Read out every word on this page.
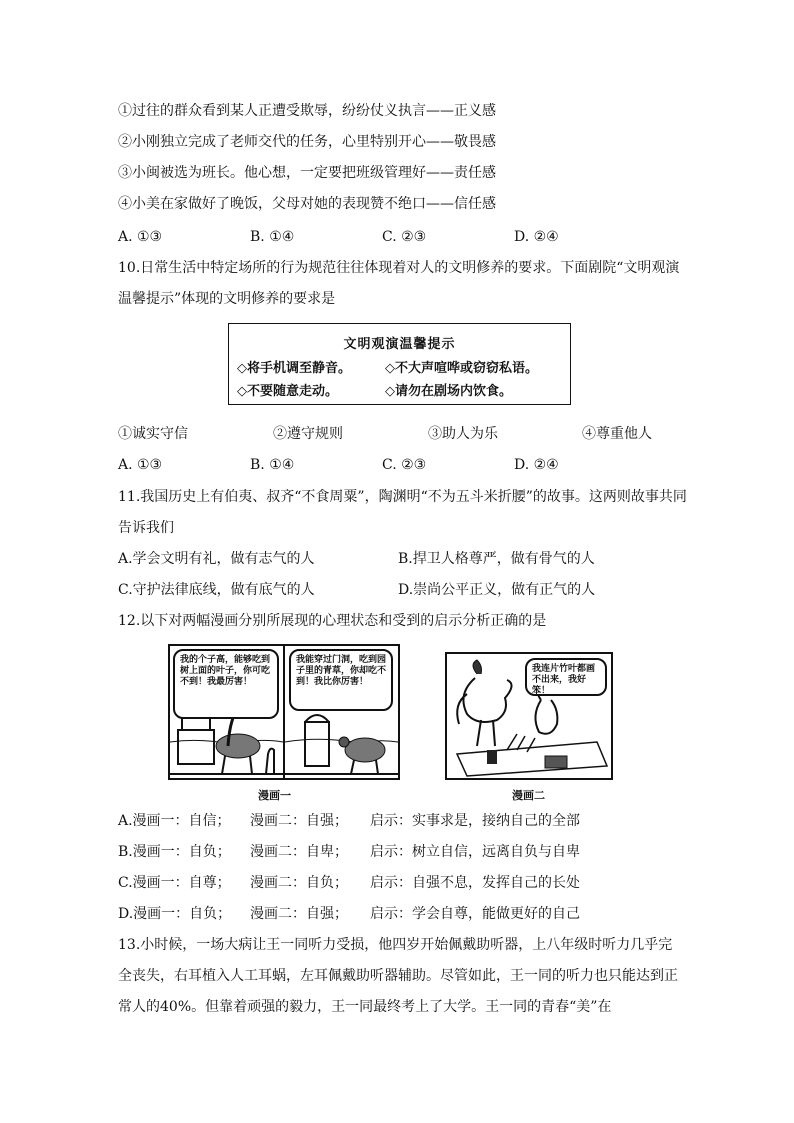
①过往的群众看到某人正遭受欺辱，纷纷仗义执言——正义感
②小刚独立完成了老师交代的任务，心里特别开心——敬畏感
③小闽被选为班长。他心想，一定要把班级管理好——责任感
④小美在家做好了晚饭，父母对她的表现赞不绝口——信任感
A. ①③	B. ①④	C. ②③	D. ②④
10.日常生活中特定场所的行为规范往往体现着对人的文明修养的要求。下面剧院“文明观演
温馨提示”体现的文明修养的要求是
文明观演温馨提示
◇将手机调至静音。	◇不大声喧哗或窃窃私语。
◇不要随意走动。	◇请勿在剧场内饮食。
①诚实守信	②遵守规则	③助人为乐	④尊重他人
A. ①③	B. ①④	C. ②③	D. ②④
11.我国历史上有伯夷、叔齐“不食周粟”，陶渊明“不为五斗米折腰”的故事。这两则故事共同
告诉我们
A.学会文明有礼，做有志气的人	B.捍卫人格尊严，做有骨气的人
C.守护法律底线，做有底气的人	D.崇尚公平正义，做有正气的人
12.以下对两幅漫画分别所展现的心理状态和受到的启示分析正确的是
我的个子高，能够吃到树上面的叶子，你可吃不到！我最厉害！
我能穿过门洞，吃到园子里的青草，你却吃不到！我比你厉害！
漫画一
我连片竹叶都画不出来，我好笨！
漫画二
A.漫画一：自信； 漫画二：自强； 启示：实事求是，接纳自己的全部
B.漫画一：自负； 漫画二：自卑； 启示：树立自信，远离自负与自卑
C.漫画一：自尊； 漫画二：自负； 启示：自强不息，发挥自己的长处
D.漫画一：自负； 漫画二：自强； 启示：学会自尊，能做更好的自己
13.小时候，一场大病让王一同听力受损，他四岁开始佩戴助听器，上八年级时听力几乎完
全丧失，右耳植入人工耳蜗，左耳佩戴助听器辅助。尽管如此，王一同的听力也只能达到正
常人的40%。但靠着顽强的毅力，王一同最终考上了大学。王一同的青春“美”在
